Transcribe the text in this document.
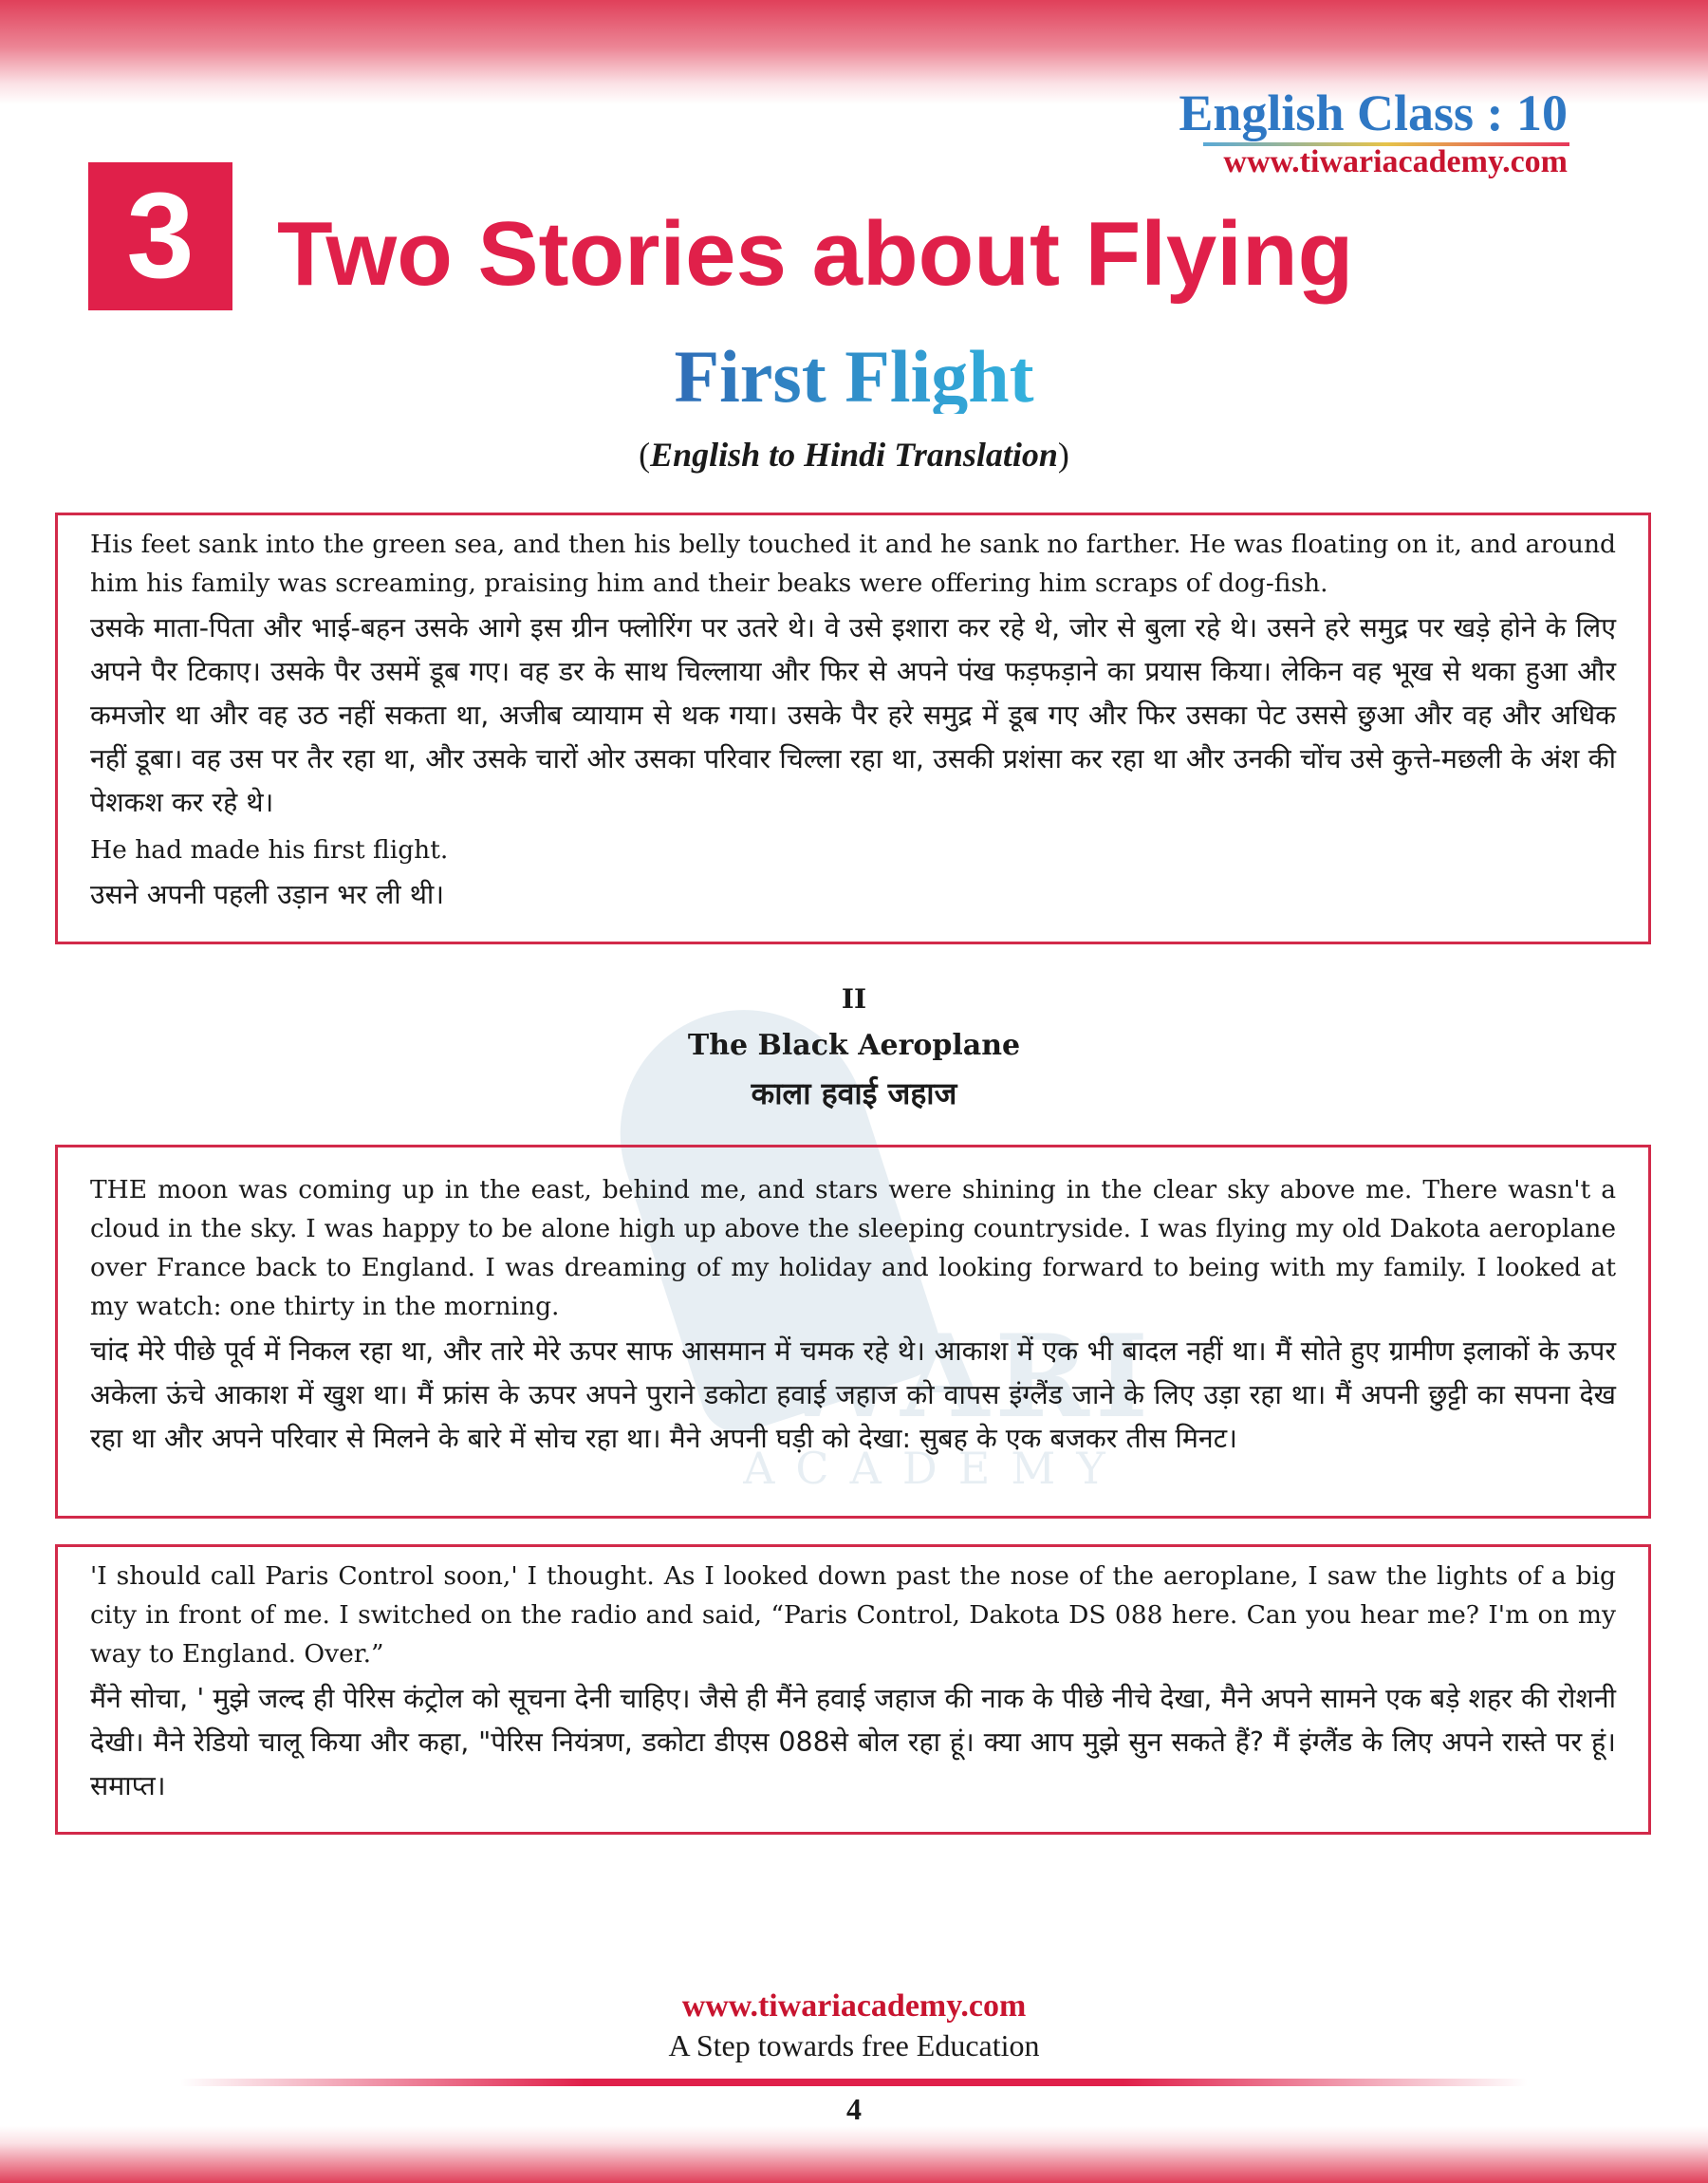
IWARI
ACADEMY
English Class : 10
www.tiwariacademy.com
3 Two Stories about Flying
First Flight
(English to Hindi Translation)

His feet sank into the green sea, and then his belly touched it and he sank no farther. He was floating on it, and around him his family was screaming, praising him and their beaks were offering him scraps of dog-fish.

उसके माता-पिता और भाई-बहन उसके आगे इस ग्रीन फ्लोरिंग पर उतरे थे। वे उसे इशारा कर रहे थे, जोर से बुला रहे थे। उसने हरे समुद्र पर खड़े होने के लिए अपने पैर टिकाए। उसके पैर उसमें डूब गए। वह डर के साथ चिल्लाया और फिर से अपने पंख फड़फड़ाने का प्रयास किया। लेकिन वह भूख से थका हुआ और कमजोर था और वह उठ नहीं सकता था, अजीब व्यायाम से थक गया। उसके पैर हरे समुद्र में डूब गए और फिर उसका पेट उससे छुआ और वह और अधिक नहीं डूबा। वह उस पर तैर रहा था, और उसके चारों ओर उसका परिवार चिल्ला रहा था, उसकी प्रशंसा कर रहा था और उनकी चोंच उसे कुत्ते-मछली के अंश की पेशकश कर रहे थे।

He had made his first flight.

उसने अपनी पहली उड़ान भर ली थी।

II
The Black Aeroplane
काला हवाई जहाज

THE moon was coming up in the east, behind me, and stars were shining in the clear sky above me. There wasn't a cloud in the sky. I was happy to be alone high up above the sleeping countryside. I was flying my old Dakota aeroplane over France back to England. I was dreaming of my holiday and looking forward to being with my family. I looked at my watch: one thirty in the morning.

चांद मेरे पीछे पूर्व में निकल रहा था, और तारे मेरे ऊपर साफ आसमान में चमक रहे थे। आकाश में एक भी बादल नहीं था। मैं सोते हुए ग्रामीण इलाकों के ऊपर अकेला ऊंचे आकाश में खुश था। मैं फ्रांस के ऊपर अपने पुराने डकोटा हवाई जहाज को वापस इंग्लैंड जाने के लिए उड़ा रहा था। मैं अपनी छुट्टी का सपना देख रहा था और अपने परिवार से मिलने के बारे में सोच रहा था। मैने अपनी घड़ी को देखा: सुबह के एक बजकर तीस मिनट।

'I should call Paris Control soon,' I thought. As I looked down past the nose of the aeroplane, I saw the lights of a big city in front of me. I switched on the radio and said, “Paris Control, Dakota DS 088 here. Can you hear me? I'm on my way to England. Over.”

मैंने सोचा, ' मुझे जल्द ही पेरिस कंट्रोल को सूचना देनी चाहिए। जैसे ही मैंने हवाई जहाज की नाक के पीछे नीचे देखा, मैने अपने सामने एक बड़े शहर की रोशनी देखी। मैने रेडियो चालू किया और कहा, "पेरिस नियंत्रण, डकोटा डीएस 088से बोल रहा हूं। क्या आप मुझे सुन सकते हैं? मैं इंग्लैंड के लिए अपने रास्ते पर हूं। समाप्त।

www.tiwariacademy.com
A Step towards free Education
4
